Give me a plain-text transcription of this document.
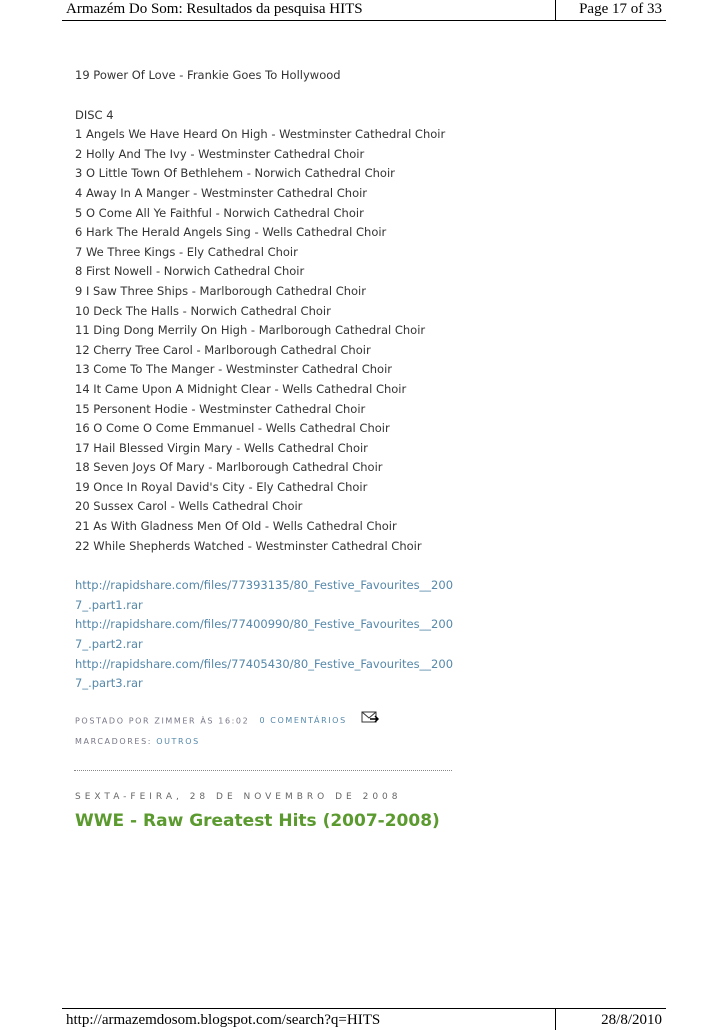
Armazém Do Som: Resultados da pesquisa HITS	Page 17 of 33
19 Power Of Love - Frankie Goes To Hollywood
DISC 4
1 Angels We Have Heard On High - Westminster Cathedral Choir
2 Holly And The Ivy - Westminster Cathedral Choir
3 O Little Town Of Bethlehem - Norwich Cathedral Choir
4 Away In A Manger - Westminster Cathedral Choir
5 O Come All Ye Faithful - Norwich Cathedral Choir
6 Hark The Herald Angels Sing - Wells Cathedral Choir
7 We Three Kings - Ely Cathedral Choir
8 First Nowell - Norwich Cathedral Choir
9 I Saw Three Ships - Marlborough Cathedral Choir
10 Deck The Halls - Norwich Cathedral Choir
11 Ding Dong Merrily On High - Marlborough Cathedral Choir
12 Cherry Tree Carol - Marlborough Cathedral Choir
13 Come To The Manger - Westminster Cathedral Choir
14 It Came Upon A Midnight Clear - Wells Cathedral Choir
15 Personent Hodie - Westminster Cathedral Choir
16 O Come O Come Emmanuel - Wells Cathedral Choir
17 Hail Blessed Virgin Mary - Wells Cathedral Choir
18 Seven Joys Of Mary - Marlborough Cathedral Choir
19 Once In Royal David's City - Ely Cathedral Choir
20 Sussex Carol - Wells Cathedral Choir
21 As With Gladness Men Of Old - Wells Cathedral Choir
22 While Shepherds Watched - Westminster Cathedral Choir
http://rapidshare.com/files/77393135/80_Festive_Favourites__200
7_.part1.rar
http://rapidshare.com/files/77400990/80_Festive_Favourites__200
7_.part2.rar
http://rapidshare.com/files/77405430/80_Festive_Favourites__200
7_.part3.rar
POSTADO POR ZIMMER ÀS 16:02 0 COMENTÁRIOS
MARCADORES: OUTROS
SEXTA-FEIRA, 28 DE NOVEMBRO DE 2008
WWE - Raw Greatest Hits (2007-2008)
http://armazemdosom.blogspot.com/search?q=HITS	28/8/2010
